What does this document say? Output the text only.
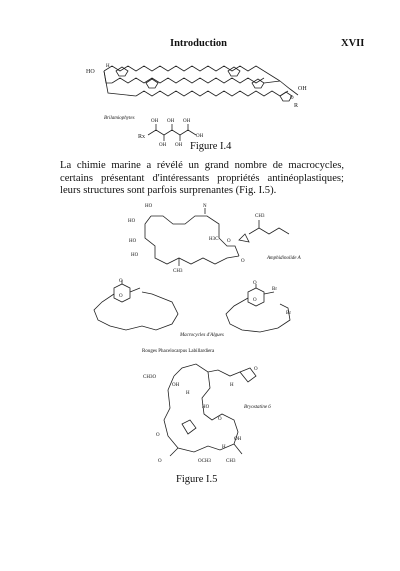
Introduction	XVII
HO
H
OH
O
R
Brilamiophytes
Rx
OH OH OH
OH OH
OH
Figure I.4
La chimie marine a révélé un grand nombre de macrocycles, certains présentant d'intéressants propriétés antinéoplastiques; leurs structures sont parfois surprenantes (Fig. I.5).
HO
HO
HO
HO
N
H3C
CH3
CH3
O
O
Amphidinolide A
O
O
O
Br
Br
O
Macrocycles d'Algues
Rouges Phacelocarpus Labillardiera
CH3O
OH
H
H
HO
O
OH
H
OCH3	CH3
O
O
O
Bryostatine 6
Figure I.5
